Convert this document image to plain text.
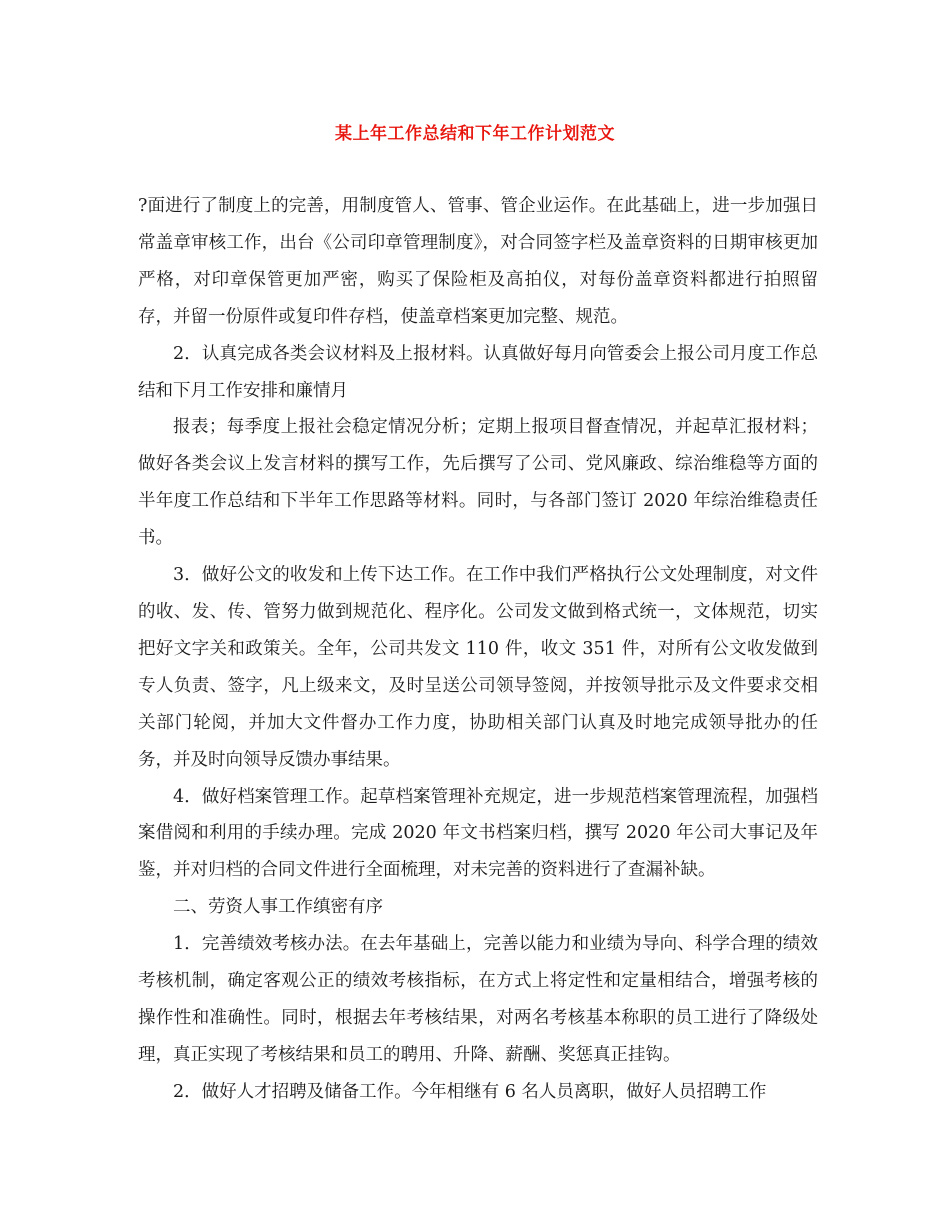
某上年工作总结和下年工作计划范文

?面进行了制度上的完善，用制度管人、管事、管企业运作。在此基础上，进一步加强日常盖章审核工作，出台《公司印章管理制度》，对合同签字栏及盖章资料的日期审核更加严格，对印章保管更加严密，购买了保险柜及高拍仪，对每份盖章资料都进行拍照留存，并留一份原件或复印件存档，使盖章档案更加完整、规范。

2．认真完成各类会议材料及上报材料。认真做好每月向管委会上报公司月度工作总结和下月工作安排和廉情月

报表；每季度上报社会稳定情况分析；定期上报项目督查情况，并起草汇报材料；做好各类会议上发言材料的撰写工作，先后撰写了公司、党风廉政、综治维稳等方面的半年度工作总结和下半年工作思路等材料。同时，与各部门签订 2020 年综治维稳责任书。

3．做好公文的收发和上传下达工作。在工作中我们严格执行公文处理制度，对文件的收、发、传、管努力做到规范化、程序化。公司发文做到格式统一，文体规范，切实把好文字关和政策关。全年，公司共发文 110 件，收文 351 件，对所有公文收发做到专人负责、签字，凡上级来文，及时呈送公司领导签阅，并按领导批示及文件要求交相关部门轮阅，并加大文件督办工作力度，协助相关部门认真及时地完成领导批办的任务，并及时向领导反馈办事结果。

4．做好档案管理工作。起草档案管理补充规定，进一步规范档案管理流程，加强档案借阅和利用的手续办理。完成 2020 年文书档案归档，撰写 2020 年公司大事记及年鉴，并对归档的合同文件进行全面梳理，对未完善的资料进行了查漏补缺。

二、劳资人事工作缜密有序

1．完善绩效考核办法。在去年基础上，完善以能力和业绩为导向、科学合理的绩效考核机制，确定客观公正的绩效考核指标，在方式上将定性和定量相结合，增强考核的操作性和准确性。同时，根据去年考核结果，对两名考核基本称职的员工进行了降级处理，真正实现了考核结果和员工的聘用、升降、薪酬、奖惩真正挂钩。

2．做好人才招聘及储备工作。今年相继有 6 名人员离职，做好人员招聘工作
